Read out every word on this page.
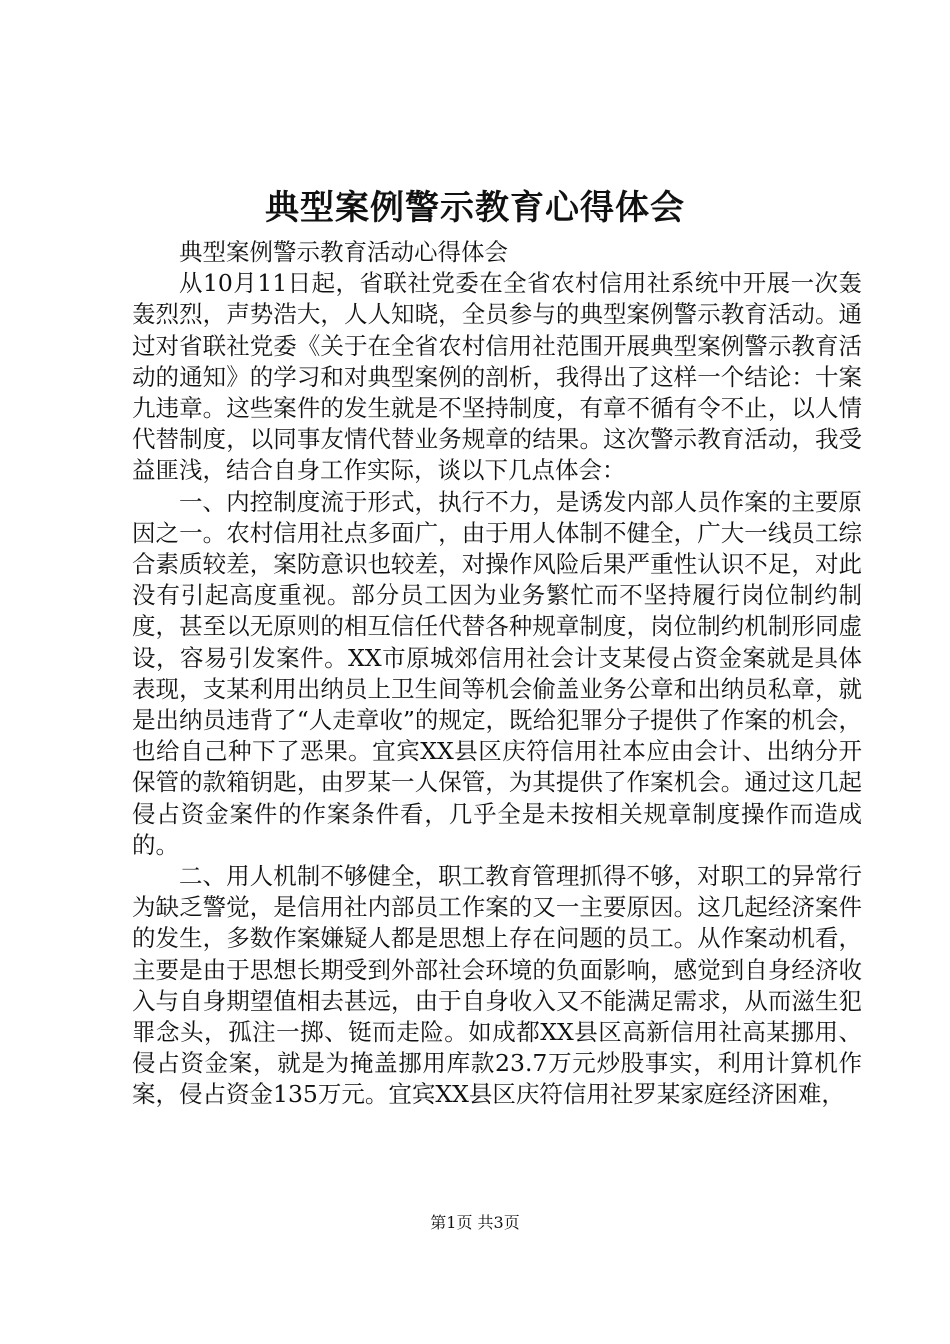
典型案例警示教育心得体会

典型案例警示教育活动心得体会

从10月11日起，省联社党委在全省农村信用社系统中开展一次轰轰烈烈，声势浩大，人人知晓，全员参与的典型案例警示教育活动。通过对省联社党委《关于在全省农村信用社范围开展典型案例警示教育活动的通知》的学习和对典型案例的剖析，我得出了这样一个结论：十案九违章。这些案件的发生就是不坚持制度，有章不循有令不止，以人情代替制度，以同事友情代替业务规章的结果。这次警示教育活动，我受益匪浅，结合自身工作实际，谈以下几点体会：

一、内控制度流于形式，执行不力，是诱发内部人员作案的主要原因之一。农村信用社点多面广，由于用人体制不健全，广大一线员工综合素质较差，案防意识也较差，对操作风险后果严重性认识不足，对此没有引起高度重视。部分员工因为业务繁忙而不坚持履行岗位制约制度，甚至以无原则的相互信任代替各种规章制度，岗位制约机制形同虚设，容易引发案件。XX市原城郊信用社会计支某侵占资金案就是具体表现，支某利用出纳员上卫生间等机会偷盖业务公章和出纳员私章，就是出纳员违背了“人走章收”的规定，既给犯罪分子提供了作案的机会，也给自己种下了恶果。宜宾XX县区庆符信用社本应由会计、出纳分开保管的款箱钥匙，由罗某一人保管，为其提供了作案机会。通过这几起侵占资金案件的作案条件看，几乎全是未按相关规章制度操作而造成的。

二、用人机制不够健全，职工教育管理抓得不够，对职工的异常行为缺乏警觉，是信用社内部员工作案的又一主要原因。这几起经济案件的发生，多数作案嫌疑人都是思想上存在问题的员工。从作案动机看，主要是由于思想长期受到外部社会环境的负面影响，感觉到自身经济收入与自身期望值相去甚远，由于自身收入又不能满足需求，从而滋生犯罪念头，孤注一掷、铤而走险。如成都XX县区高新信用社高某挪用、侵占资金案，就是为掩盖挪用库款23.7万元炒股事实，利用计算机作案，侵占资金135万元。宜宾XX县区庆符信用社罗某家庭经济困难，

第1页 共3页
